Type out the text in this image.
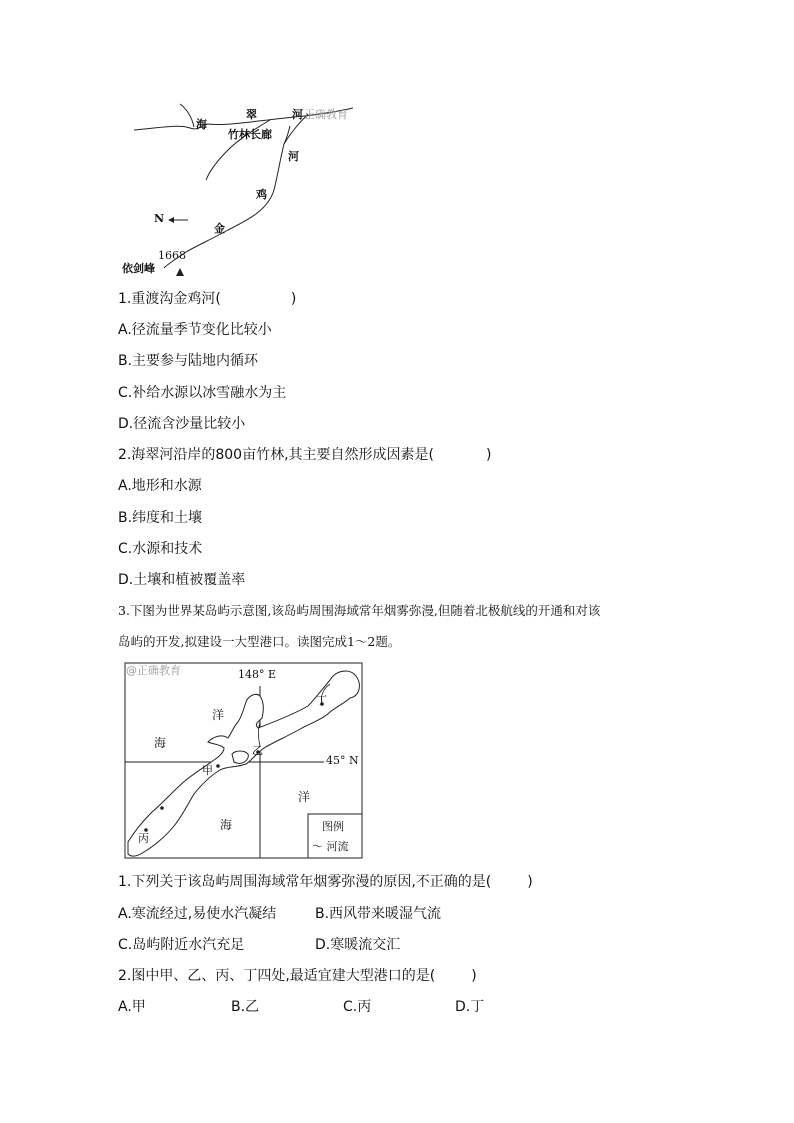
海
翠	河 正确教育
竹林长廊
河
鸡
金
N
1668
依剑峰
1.重渡沟金鸡河(	)
A.径流量季节变化比较小
B.主要参与陆地内循环
C.补给水源以冰雪融水为主
D.径流含沙量比较小
2.海翠河沿岸的800亩竹林,其主要自然形成因素是(	)
A.地形和水源
B.纬度和土壤
C.水源和技术
D.土壤和植被覆盖率
3.下图为世界某岛屿示意图,该岛屿周围海域常年烟雾弥漫,但随着北极航线的开通和对该
岛屿的开发,拟建设一大型港口。读图完成1～2题。
@正确教育	148° E
45° N
洋
海
洋
海
甲
乙
丙
丁
图例
～ 河流
1.下列关于该岛屿周围海域常年烟雾弥漫的原因,不正确的是(	)
A.寒流经过,易使水汽凝结	B.西风带来暖湿气流
C.岛屿附近水汽充足	D.寒暖流交汇
2.图中甲、乙、丙、丁四处,最适宜建大型港口的是(	)
A.甲	B.乙	C.丙	D.丁
